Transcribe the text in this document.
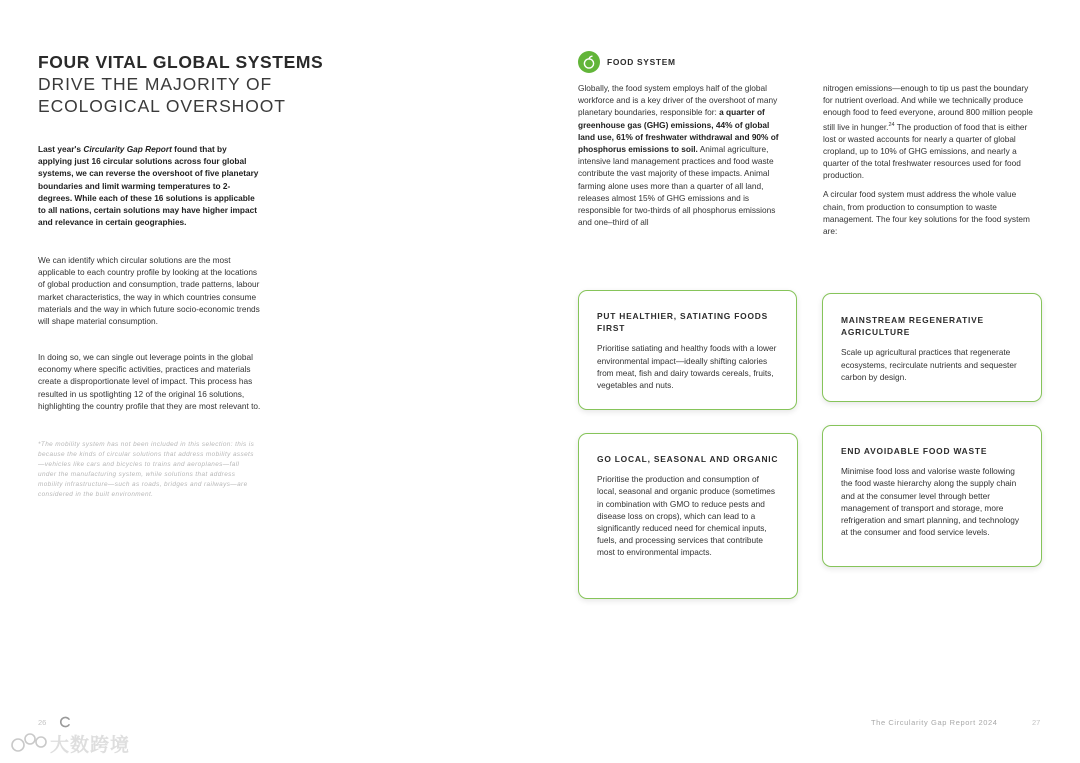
FOUR VITAL GLOBAL SYSTEMS
DRIVE THE MAJORITY OF ECOLOGICAL OVERSHOOT
Last year's Circularity Gap Report found that by applying just 16 circular solutions across four global systems, we can reverse the overshoot of five planetary boundaries and limit warming temperatures to 2-degrees. While each of these 16 solutions is applicable to all nations, certain solutions may have higher impact and relevance in certain geographies.
We can identify which circular solutions are the most applicable to each country profile by looking at the locations of global production and consumption, trade patterns, labour market characteristics, the way in which countries consume materials and the way in which future socio-economic trends will shape material consumption.
In doing so, we can single out leverage points in the global economy where specific activities, practices and materials create a disproportionate level of impact. This process has resulted in us spotlighting 12 of the original 16 solutions, highlighting the country profile that they are most relevant to.
*The mobility system has not been included in this selection: this is because the kinds of circular solutions that address mobility assets—vehicles like cars and bicycles to trains and aeroplanes—fall under the manufacturing system, while solutions that address mobility infrastructure—such as roads, bridges and railways—are considered in the built environment.
26
大数跨境
FOOD SYSTEM
Globally, the food system employs half of the global workforce and is a key driver of the overshoot of many planetary boundaries, responsible for: a quarter of greenhouse gas (GHG) emissions, 44% of global land use, 61% of freshwater withdrawal and 90% of phosphorus emissions to soil. Animal agriculture, intensive land management practices and food waste contribute the vast majority of these impacts. Animal farming alone uses more than a quarter of all land, releases almost 15% of GHG emissions and is responsible for two-thirds of all phosphorus emissions and one–third of all
nitrogen emissions—enough to tip us past the boundary for nutrient overload. And while we technically produce enough food to feed everyone, around 800 million people still live in hunger.$^{24}$ The production of food that is either lost or wasted accounts for nearly a quarter of global cropland, up to 10% of GHG emissions, and nearly a quarter of the total freshwater resources used for food production.
A circular food system must address the whole value chain, from production to consumption to waste management. The four key solutions for the food system are:
PUT HEALTHIER, SATIATING FOODS FIRST

Prioritise satiating and healthy foods with a lower environmental impact—ideally shifting calories from meat, fish and dairy towards cereals, fruits, vegetables and nuts.

MAINSTREAM REGENERATIVE AGRICULTURE

Scale up agricultural practices that regenerate ecosystems, recirculate nutrients and sequester carbon by design.

GO LOCAL, SEASONAL AND ORGANIC

Prioritise the production and consumption of local, seasonal and organic produce (sometimes in combination with GMO to reduce pests and disease loss on crops), which can lead to a significantly reduced need for chemical inputs, fuels, and processing services that contribute most to environmental impacts.

END AVOIDABLE FOOD WASTE

Minimise food loss and valorise waste following the food waste hierarchy along the supply chain and at the consumer level through better management of transport and storage, more refrigeration and smart planning, and technology at the consumer and food service levels.

The Circularity Gap Report 2024	27
